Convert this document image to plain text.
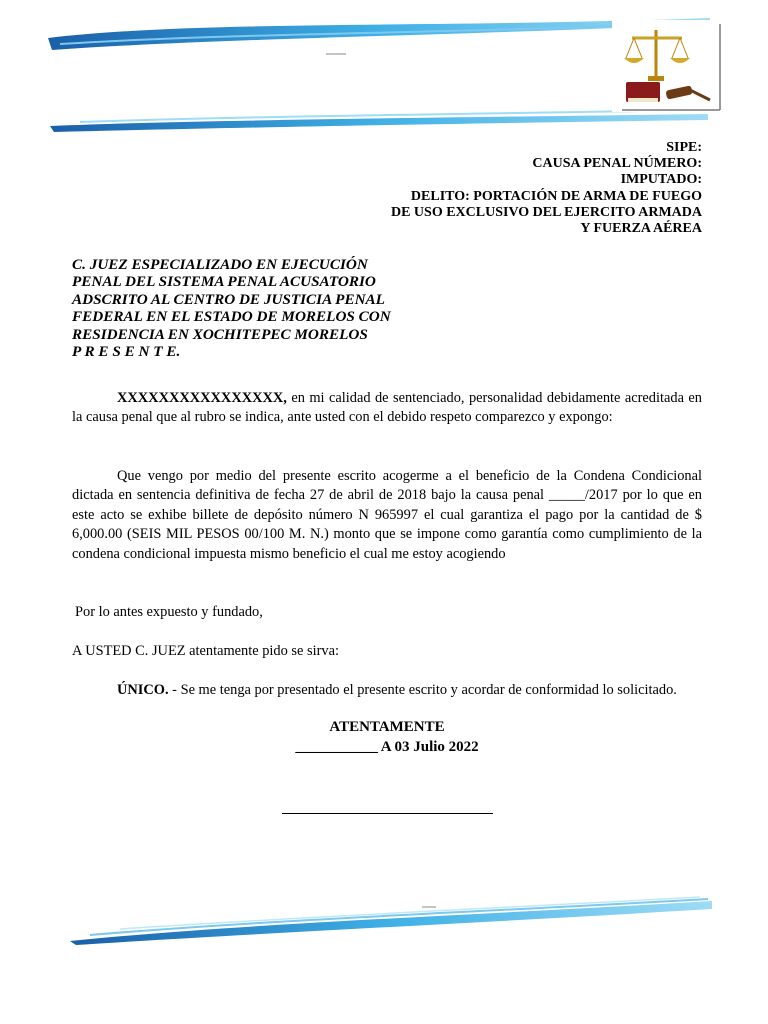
SIPE:
CAUSA PENAL NÚMERO:
IMPUTADO:
DELITO: PORTACIÓN DE ARMA DE FUEGO
DE USO EXCLUSIVO DEL EJERCITO ARMADA
Y FUERZA AÉREA
C. JUEZ ESPECIALIZADO EN EJECUCIÓN
PENAL DEL SISTEMA PENAL ACUSATORIO
ADSCRITO AL CENTRO DE JUSTICIA PENAL
FEDERAL EN EL ESTADO DE MORELOS CON
RESIDENCIA EN XOCHITEPEC MORELOS
P R E S E N T E.
XXXXXXXXXXXXXXXX, en mi calidad de sentenciado, personalidad debidamente acreditada en la causa penal que al rubro se indica, ante usted con el debido respeto comparezco y expongo:
Que vengo por medio del presente escrito acogerme a el beneficio de la Condena Condicional dictada en sentencia definitiva de fecha 27 de abril de 2018 bajo la causa penal _____/2017 por lo que en este acto se exhibe billete de depósito número N 965997 el cual garantiza el pago por la cantidad de $ 6,000.00 (SEIS MIL PESOS 00/100 M. N.) monto que se impone como garantía como cumplimiento de la condena condicional impuesta mismo beneficio el cual me estoy acogiendo
Por lo antes expuesto y fundado,
A USTED C. JUEZ atentamente pido se sirva:
ÚNICO. - Se me tenga por presentado el presente escrito y acordar de conformidad lo solicitado.
ATENTAMENTE
___________ A 03 Julio 2022
